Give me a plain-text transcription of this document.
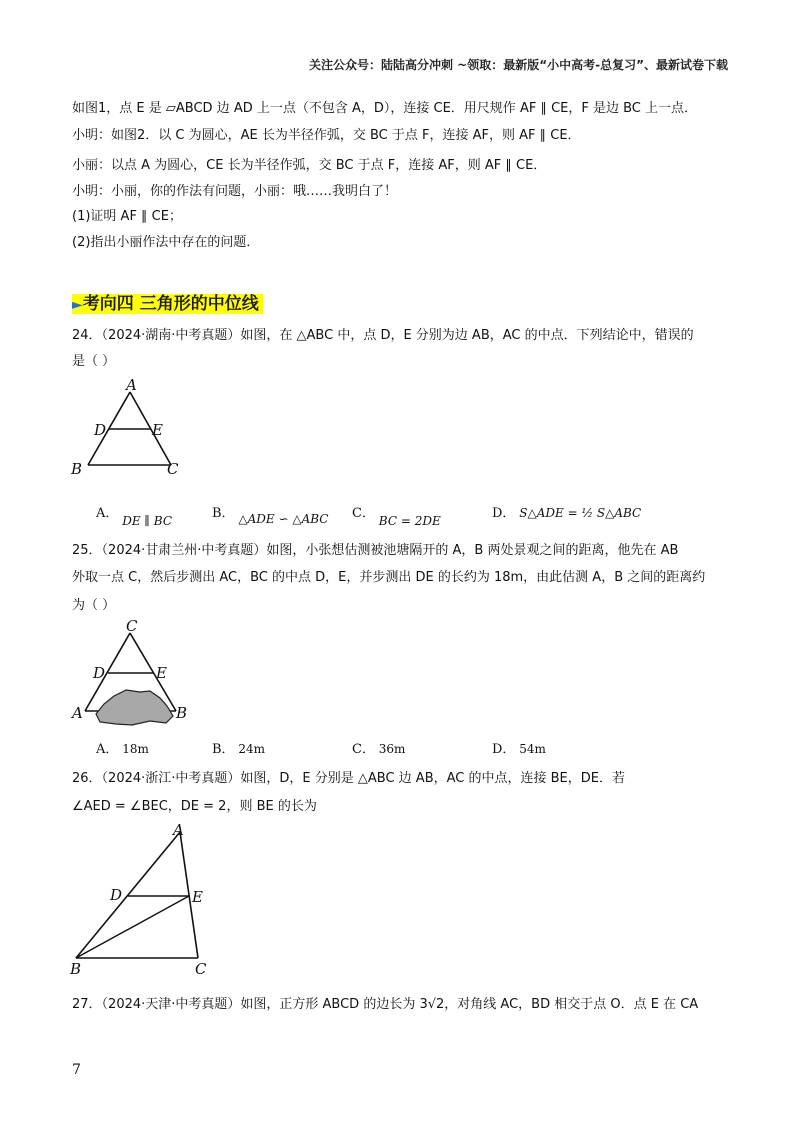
关注公众号：陆陆高分冲刺 ~领取：最新版“小中高考-总复习”、最新试卷下载
如图1，点 E 是 ▱ABCD 边 AD 上一点（不包含 A，D），连接 CE．用尺规作 AF ∥ CE，F 是边 BC 上一点．
小明：如图2．以 C 为圆心，AE 长为半径作弧，交 BC 于点 F，连接 AF，则 AF ∥ CE．
小丽：以点 A 为圆心，CE 长为半径作弧，交 BC 于点 F，连接 AF，则 AF ∥ CE．
小明：小丽，你的作法有问题，小丽：哦……我明白了！
(1)证明 AF ∥ CE；
(2)指出小丽作法中存在的问题．
►考向四 三角形的中位线
24．（2024·湖南·中考真题）如图，在 △ABC 中，点 D，E 分别为边 AB，AC 的中点．下列结论中，错误的
是（ ）
A
D	E
B	C
A． DE ∥ BC	B． △ADE ∽ △ABC C． BC = 2DE	D． S△ADE = ½ S△ABC
25．（2024·甘肃兰州·中考真题）如图，小张想估测被池塘隔开的 A，B 两处景观之间的距离，他先在 AB
外取一点 C，然后步测出 AC，BC 的中点 D，E，并步测出 DE 的长约为 18m，由此估测 A，B 之间的距离约
为（ ）
C
D	E
A	B
A． 18m	B． 24m	C． 36m	D． 54m
26．（2024·浙江·中考真题）如图，D，E 分别是 △ABC 边 AB，AC 的中点，连接 BE，DE．若
∠AED = ∠BEC，DE = 2，则 BE 的长为
A
D	E
B	C
27．（2024·天津·中考真题）如图，正方形 ABCD 的边长为 3√2，对角线 AC，BD 相交于点 O．点 E 在 CA
7
